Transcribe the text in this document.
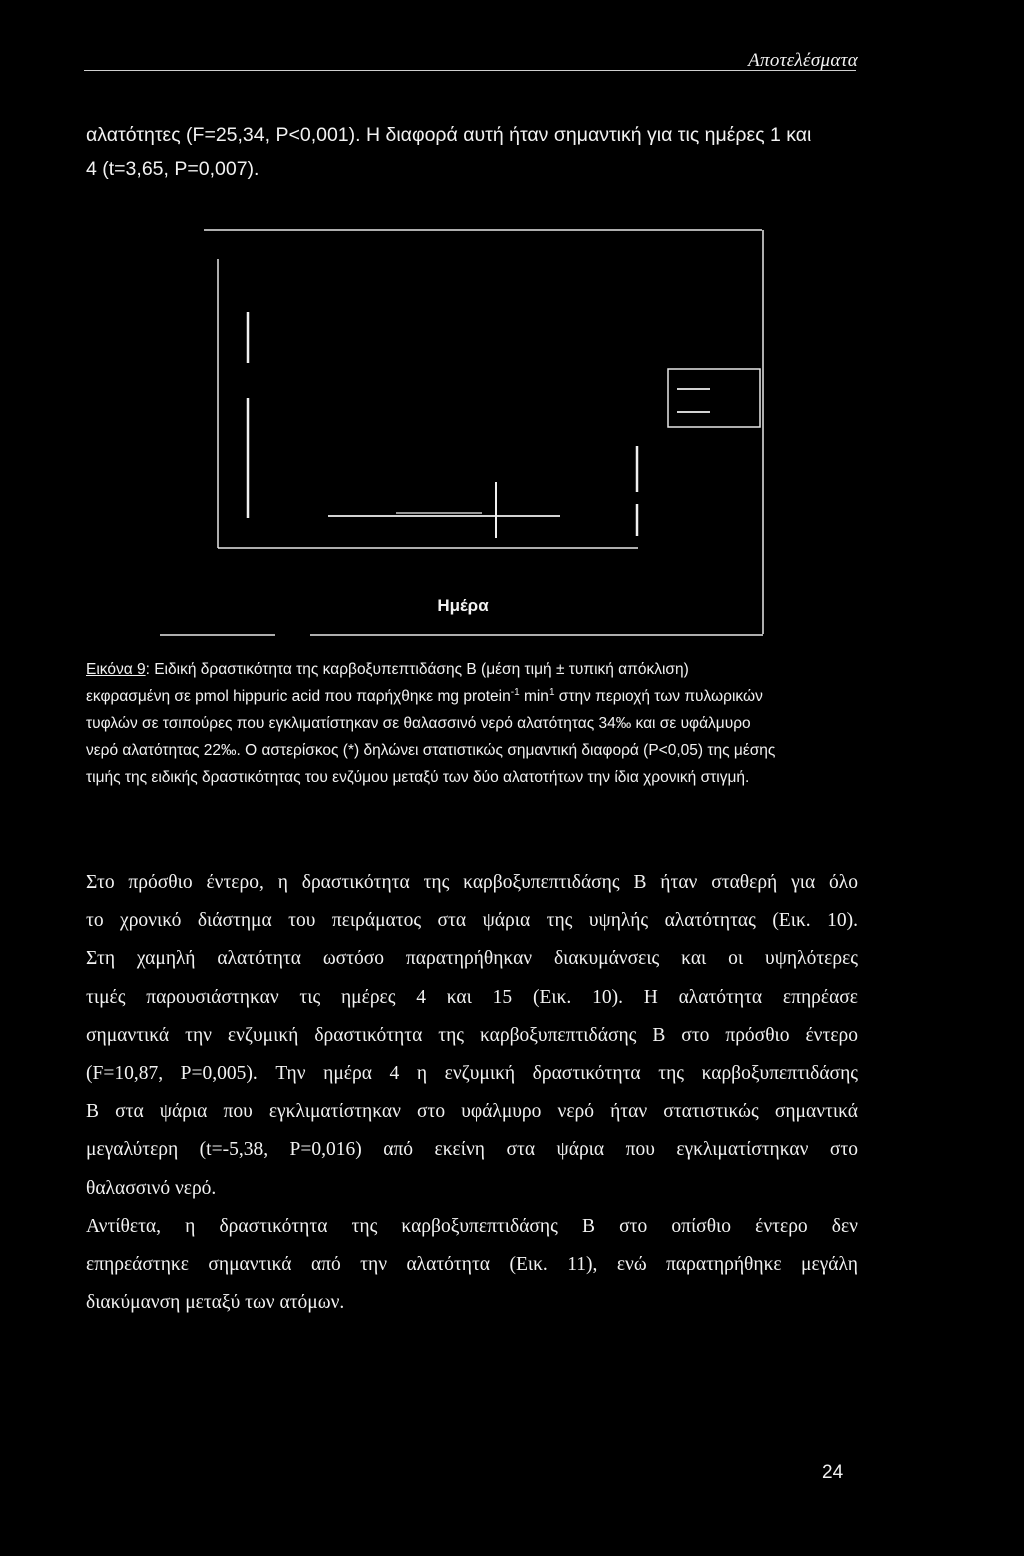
Αποτελέσματα
αλατότητες (F=25,34, P<0,001). Η διαφορά αυτή ήταν σημαντική για τις ημέρες 1 και
4 (t=3,65, P=0,007).
Ημέρα
Εικόνα 9: Ειδική δραστικότητα της καρβοξυπεπτιδάσης Β (μέση τιμή ± τυπική απόκλιση)
εκφρασμένη σε pmol hippuric acid που παρήχθηκε mg protein$^{-1}$ $\min^1 \sigma\tau\eta\nu$ περιοχή των πυλωρικών
τυφλών σε τσιπούρες που εγκλιματίστηκαν σε θαλασσινό νερό αλατότητας 34‰ και σε υφάλμυρο
νερό αλατότητας 22‰. Ο αστερίσκος (*) δηλώνει στατιστικώς σημαντική διαφορά (P<0,05) της μέσης
τιμής της ειδικής δραστικότητας του ενζύμου μεταξύ των δύο αλατοτήτων την ίδια χρονική στιγμή.
Στο πρόσθιο έντερο, η δραστικότητα της καρβοξυπεπτιδάσης Β ήταν σταθερή για όλο
το χρονικό διάστημα του πειράματος στα ψάρια της υψηλής αλατότητας (Εικ. 10).
Στη χαμηλή αλατότητα ωστόσο παρατηρήθηκαν διακυμάνσεις και οι υψηλότερες
τιμές παρουσιάστηκαν τις ημέρες 4 και 15 (Εικ. 10). Η αλατότητα επηρέασε
σημαντικά την ενζυμική δραστικότητα της καρβοξυπεπτιδάσης Β στο πρόσθιο έντερο
(F=10,87, P=0,005). Την ημέρα 4 η ενζυμική δραστικότητα της καρβοξυπεπτιδάσης
Β στα ψάρια που εγκλιματίστηκαν στο υφάλμυρο νερό ήταν στατιστικώς σημαντικά
μεγαλύτερη (t=-5,38, P=0,016) από εκείνη στα ψάρια που εγκλιματίστηκαν στο
θαλασσινό νερό.
Αντίθετα, η δραστικότητα της καρβοξυπεπτιδάσης Β στο οπίσθιο έντερο δεν
επηρεάστηκε σημαντικά από την αλατότητα (Εικ. 11), ενώ παρατηρήθηκε μεγάλη
διακύμανση μεταξύ των ατόμων.
24
